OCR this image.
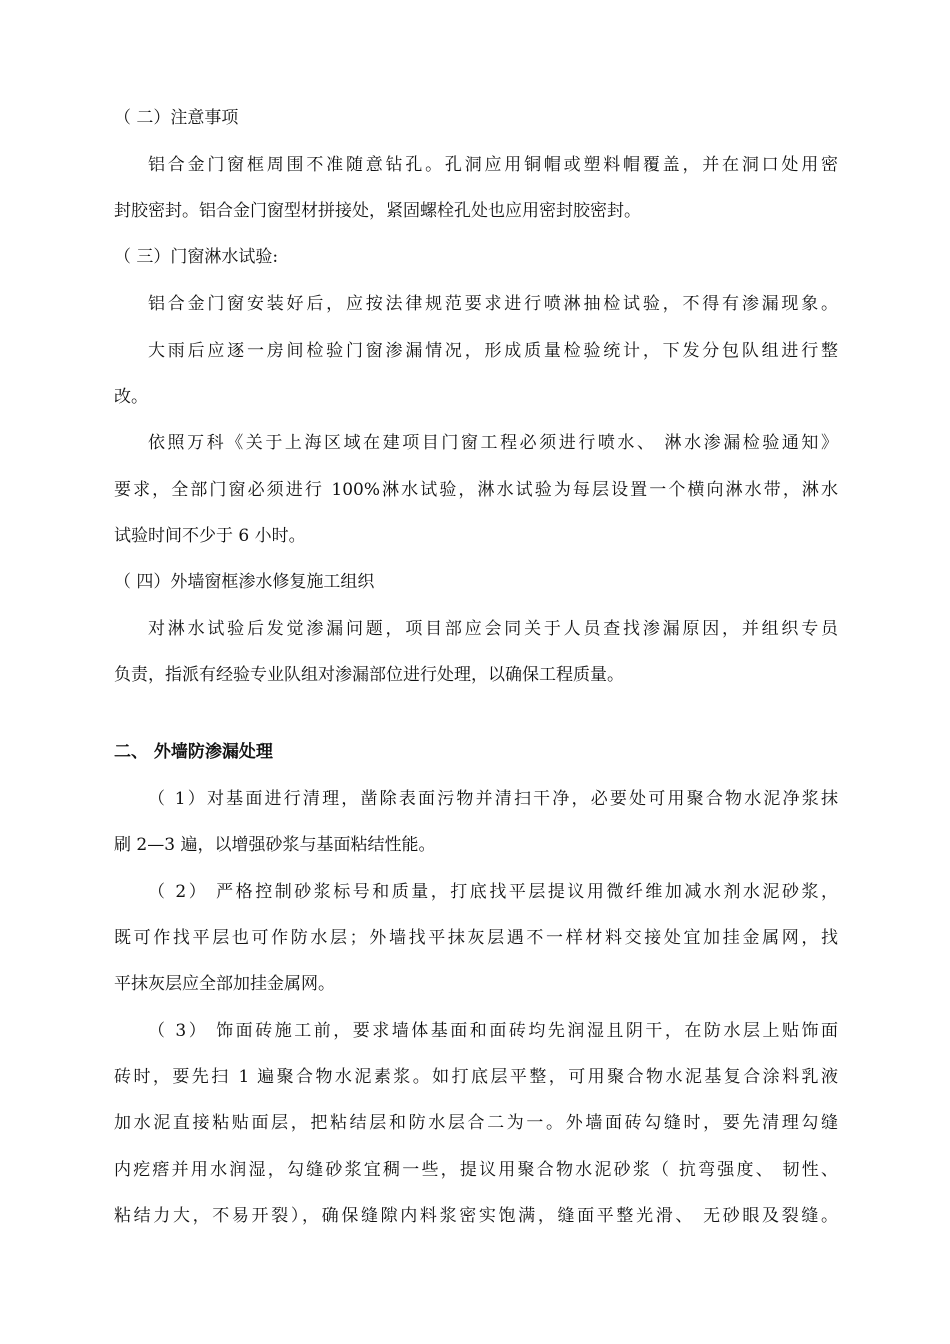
（ 二）注意事项
铝合金门窗框周围不准随意钻孔。孔洞应用铜帽或塑料帽覆盖，并在洞口处用密
封胶密封。铝合金门窗型材拼接处，紧固螺栓孔处也应用密封胶密封。
（ 三）门窗淋水试验:
铝合金门窗安装好后，应按法律规范要求进行喷淋抽检试验，不得有渗漏现象。
大雨后应逐一房间检验门窗渗漏情况，形成质量检验统计，下发分包队组进行整
改。
依照万科《关于上海区域在建项目门窗工程必须进行喷水、 淋水渗漏检验通知》
要求，全部门窗必须进行 100%淋水试验，淋水试验为每层设置一个横向淋水带，淋水
试验时间不少于 6 小时。
（ 四）外墙窗框渗水修复施工组织
对淋水试验后发觉渗漏问题，项目部应会同关于人员查找渗漏原因，并组织专员
负责，指派有经验专业队组对渗漏部位进行处理，以确保工程质量。
二、 外墙防渗漏处理
（ 1）对基面进行清理，凿除表面污物并清扫干净，必要处可用聚合物水泥净浆抹
刷 2—3 遍，以增强砂浆与基面粘结性能。
（ 2） 严格控制砂浆标号和质量，打底找平层提议用微纤维加减水剂水泥砂浆，
既可作找平层也可作防水层；外墙找平抹灰层遇不一样材料交接处宜加挂金属网，找
平抹灰层应全部加挂金属网。
（ 3） 饰面砖施工前，要求墙体基面和面砖均先润湿且阴干，在防水层上贴饰面
砖时，要先扫 1 遍聚合物水泥素浆。如打底层平整，可用聚合物水泥基复合涂料乳液
加水泥直接粘贴面层，把粘结层和防水层合二为一。外墙面砖勾缝时，要先清理勾缝
内疙瘩并用水润湿，勾缝砂浆宜稠一些，提议用聚合物水泥砂浆（ 抗弯强度、 韧性、
粘结力大，不易开裂），确保缝隙内料浆密实饱满，缝面平整光滑、 无砂眼及裂缝。
